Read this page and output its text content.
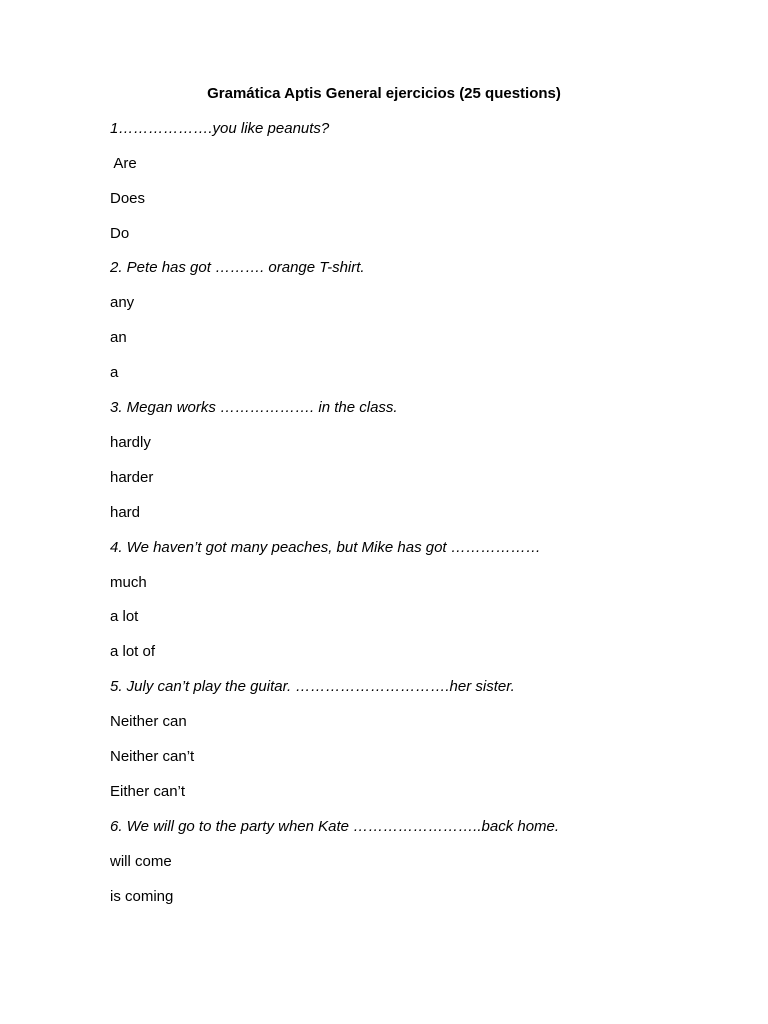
Gramática Aptis General ejercicios (25 questions)
1……………….you like peanuts?
Are
Does
Do
2. Pete has got ………. orange T-shirt.
any
an
a
3. Megan works ………………. in the class.
hardly
harder
hard
4. We haven’t got many peaches, but Mike has got ………………
much
a lot
a lot of
5. July can’t play the guitar. ………………………….her sister.
Neither can
Neither can’t
Either can’t
6. We will go to the party when Kate ……………………..back home.
will come
is coming
